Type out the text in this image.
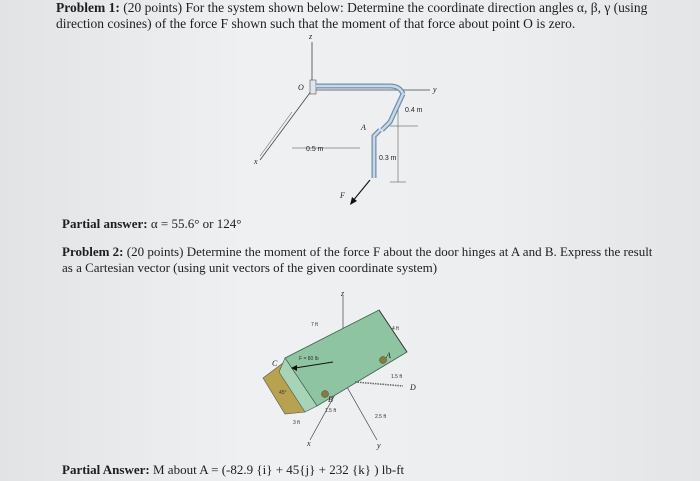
Problem 1: (20 points) For the system shown below: Determine the coordinate direction angles α, β, γ (using direction cosines) of the force F shown such that the moment of that force about point O is zero.
z
x
y
O
A
0.5 m
0.4 m
0.3 m
F
Partial answer: α = 55.6° or 124°
Problem 2: (20 points) Determine the moment of the force F about the door hinges at A and B. Express the result as a Cartesian vector (using unit vectors of the given coordinate system)
z
x	y
F = 80 lb	A
B
C
D
7 ft
4 ft
1.5 ft
1.5 ft
3 ft
2.5 ft
45°
Partial Answer: M about A = (-82.9 {i} + 45{j} + 232 {k} ) lb-ft
